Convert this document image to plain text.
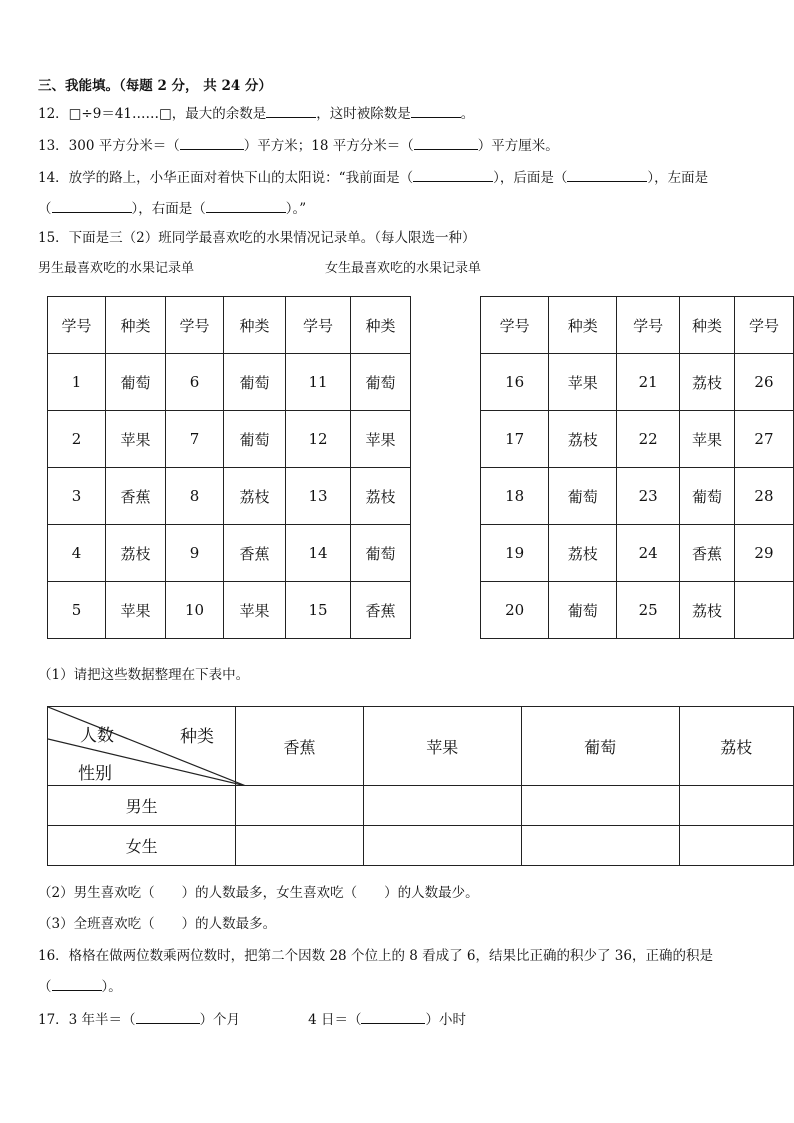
三、我能填。（每题 2 分， 共 24 分）
12．□÷9＝41……□，最大的余数是	，这时被除数是	。
13．300 平方分米＝（	）平方米；18 平方分米＝（	）平方厘米。
14．放学的路上，小华正面对着快下山的太阳说：“我前面是（	），后面是（	），左面是
（	），右面是（	）。”
15．下面是三（2）班同学最喜欢吃的水果情况记录单。（每人限选一种）
男生最喜欢吃的水果记录单	女生最喜欢吃的水果记录单
学号	种类	学号	种类	学号	种类
1	葡萄	6	葡萄	11	葡萄
2	苹果	7	葡萄	12	苹果
3	香蕉	8	荔枝	13	荔枝
4	荔枝	9	香蕉	14	葡萄
5	苹果	10	苹果	15	香蕉
学号	种类	学号	种类	学号
16	苹果	21	荔枝	26
17	荔枝	22	苹果	27
18	葡萄	23	葡萄	28
19	荔枝	24	香蕉	29
20	葡萄	25	荔枝	
（1）请把这些数据整理在下表中。
人数 种类
性别	香蕉	苹果	葡萄	荔枝
男生				
女生				
（2）男生喜欢吃（　　）的人数最多，女生喜欢吃（　　）的人数最少。
（3）全班喜欢吃（　　）的人数最多。
16．格格在做两位数乘两位数时，把第二个因数 28 个位上的 8 看成了 6，结果比正确的积少了 36，正确的积是
（	）。
17．3 年半＝（	）个月	4 日＝（	）小时
